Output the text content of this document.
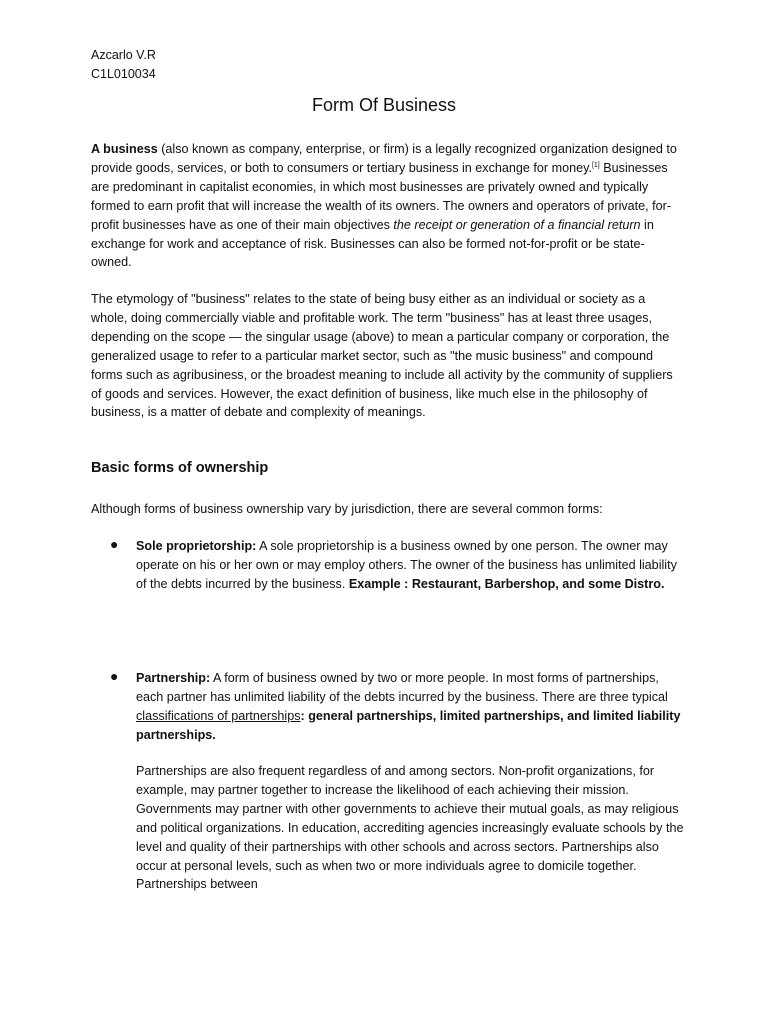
Azcarlo V.R
C1L010034
Form Of Business

A business (also known as company, enterprise, or firm) is a legally recognized organization designed to provide goods, services, or both to consumers or tertiary business in exchange for money.[1] Businesses are predominant in capitalist economies, in which most businesses are privately owned and typically formed to earn profit that will increase the wealth of its owners. The owners and operators of private, for-profit businesses have as one of their main objectives the receipt or generation of a financial return in exchange for work and acceptance of risk. Businesses can also be formed not-for-profit or be state-owned.

The etymology of "business" relates to the state of being busy either as an individual or society as a whole, doing commercially viable and profitable work. The term "business" has at least three usages, depending on the scope — the singular usage (above) to mean a particular company or corporation, the generalized usage to refer to a particular market sector, such as "the music business" and compound forms such as agribusiness, or the broadest meaning to include all activity by the community of suppliers of goods and services. However, the exact definition of business, like much else in the philosophy of business, is a matter of debate and complexity of meanings.

Basic forms of ownership

Although forms of business ownership vary by jurisdiction, there are several common forms:

● Sole proprietorship: A sole proprietorship is a business owned by one person. The owner may operate on his or her own or may employ others. The owner of the business has unlimited liability of the debts incurred by the business. Example : Restaurant, Barbershop, and some Distro.

● Partnership: A form of business owned by two or more people. In most forms of partnerships, each partner has unlimited liability of the debts incurred by the business. There are three typical classifications of partnerships: general partnerships, limited partnerships, and limited liability partnerships.

Partnerships are also frequent regardless of and among sectors. Non-profit organizations, for example, may partner together to increase the likelihood of each achieving their mission. Governments may partner with other governments to achieve their mutual goals, as may religious and political organizations. In education, accrediting agencies increasingly evaluate schools by the level and quality of their partnerships with other schools and across sectors. Partnerships also occur at personal levels, such as when two or more individuals agree to domicile together. Partnerships between
